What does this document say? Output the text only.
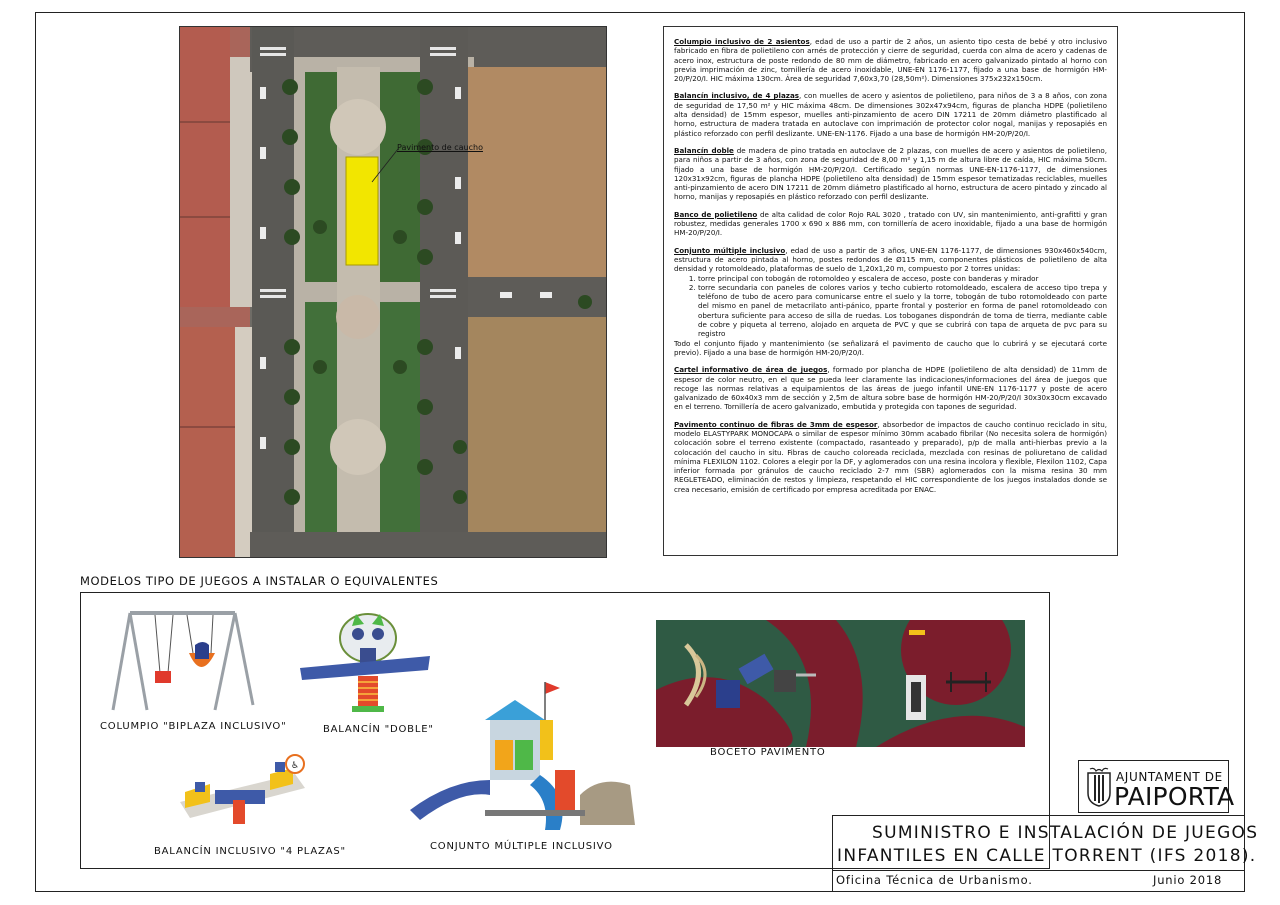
Pavimento de caucho

Columpio inclusivo de 2 asientos, edad de uso a partir de 2 años, un asiento tipo cesta de bebé y otro inclusivo fabricado en fibra de polietileno con arnés de protección y cierre de seguridad, cuerda con alma de acero y cadenas de acero inox, estructura de poste redondo de 80 mm de diámetro, fabricado en acero galvanizado pintado al horno con previa imprimación de zinc, tornillería de acero inoxidable, UNE-EN 1176-1177, fijado a una base de hormigón HM-20/P/20/I. HIC máxima 130cm. Área de seguridad 7,60x3,70 (28,50m²). Dimensiones 375x232x150cm.

Balancín inclusivo, de 4 plazas, con muelles de acero y asientos de polietileno, para niños de 3 a 8 años, con zona de seguridad de 17,50 m² y HIC máxima 48cm. De dimensiones 302x47x94cm, figuras de plancha HDPE (polietileno alta densidad) de 15mm espesor, muelles anti-pinzamiento de acero DIN 17211 de 20mm diámetro plastificado al horno, estructura de madera tratada en autoclave con imprimación de protector color nogal, manijas y reposapiés en plástico reforzado con perfil deslizante. UNE-EN-1176. Fijado a una base de hormigón HM-20/P/20/I.

Balancín doble de madera de pino tratada en autoclave de 2 plazas, con muelles de acero y asientos de polietileno, para niños a partir de 3 años, con zona de seguridad de 8,00 m² y 1,15 m de altura libre de caída, HIC máxima 50cm. fijado a una base de hormigón HM-20/P/20/I. Certificado según normas UNE-EN-1176-1177, de dimensiones 120x31x92cm, figuras de plancha HDPE (polietileno alta densidad) de 15mm espesor tematizadas reciclables, muelles anti-pinzamiento de acero DIN 17211 de 20mm diámetro plastificado al horno, estructura de acero pintado y zincado al horno, manijas y reposapiés en plástico reforzado con perfil deslizante.

Banco de polietileno de alta calidad de color Rojo RAL 3020 , tratado con UV, sin mantenimiento, anti-grafitti y gran robustez, medidas generales 1700 x 690 x 886 mm, con tornillería de acero inoxidable, fijado a una base de hormigón HM-20/P/20/I.

Conjunto múltiple inclusivo, edad de uso a partir de 3 años, UNE-EN 1176-1177, de dimensiones 930x460x540cm, estructura de acero pintada al horno, postes redondos de Ø115 mm, componentes plásticos de polietileno de alta densidad y rotomoldeado, plataformas de suelo de 1,20x1,20 m, compuesto por 2 torres unidas:
1. torre principal con tobogán de rotomoldeo y escalera de acceso, poste con banderas y mirador
2. torre secundaria con paneles de colores varios y techo cubierto rotomoldeado, escalera de acceso tipo trepa y teléfono de tubo de acero para comunicarse entre el suelo y la torre, tobogán de tubo rotomoldeado con parte del mismo en panel de metacrilato anti-pánico, pparte frontal y posterior en forma de panel rotomoldeado con obertura suficiente para acceso de silla de ruedas. Los toboganes dispondrán de toma de tierra, mediante cable de cobre y piqueta al terreno, alojado en arqueta de PVC y que se cubrirá con tapa de arqueta de pvc para su registro
Todo el conjunto fijado y mantenimiento (se señalizará el pavimento de caucho que lo cubrirá y se ejecutará corte previo). Fijado a una base de hormigón HM-20/P/20/I.

Cartel informativo de área de juegos, formado por plancha de HDPE (polietileno de alta densidad) de 11mm de espesor de color neutro, en el que se pueda leer claramente las indicaciones/informaciones del área de juegos que recoge las normas relativas a equipamientos de las áreas de juego infantil UNE-EN 1176-1177 y poste de acero galvanizado de 60x40x3 mm de sección y 2,5m de altura sobre base de hormigón HM-20/P/20/I 30x30x30cm excavado en el terreno. Tornillería de acero galvanizado, embutida y protegida con tapones de seguridad.

Pavimento continuo de fibras de 3mm de espesor, absorbedor de impactos de caucho continuo reciclado in situ, modelo ELASTYPARK MONOCAPA o similar de espesor mínimo 30mm acabado fibrilar (No necesita solera de hormigón) colocación sobre el terreno existente (compactado, rasanteado y preparado), p/p de malla anti-hierbas previo a la colocación del caucho in situ. Fibras de caucho coloreada reciclada, mezclada con resinas de poliuretano de calidad mínima FLEXILON 1102. Colores a elegir por la DF, y aglomerados con una resina incolora y flexible, Flexilon 1102, Capa inferior formada por gránulos de caucho reciclado 2-7 mm (SBR) aglomerados con la misma resina 30 mm REGLETEADO, eliminación de restos y limpieza, respetando el HIC correspondiente de los juegos instalados donde se crea necesario, emisión de certificado por empresa acreditada por ENAC.

MODELOS TIPO DE JUEGOS A INSTALAR O EQUIVALENTES
COLUMPIO "BIPLAZA INCLUSIVO"	BALANCÍN "DOBLE"
♿
BALANCÍN INCLUSIVO "4 PLAZAS"	CONJUNTO MÚLTIPLE INCLUSIVO
BOCETO PAVIMENTO
AJUNTAMENT DE
PAIPORTA
SUMINISTRO E INSTALACIÓN DE JUEGOS
INFANTILES EN CALLE TORRENT (IFS 2018).
Oficina Técnica de Urbanismo.	Junio 2018
